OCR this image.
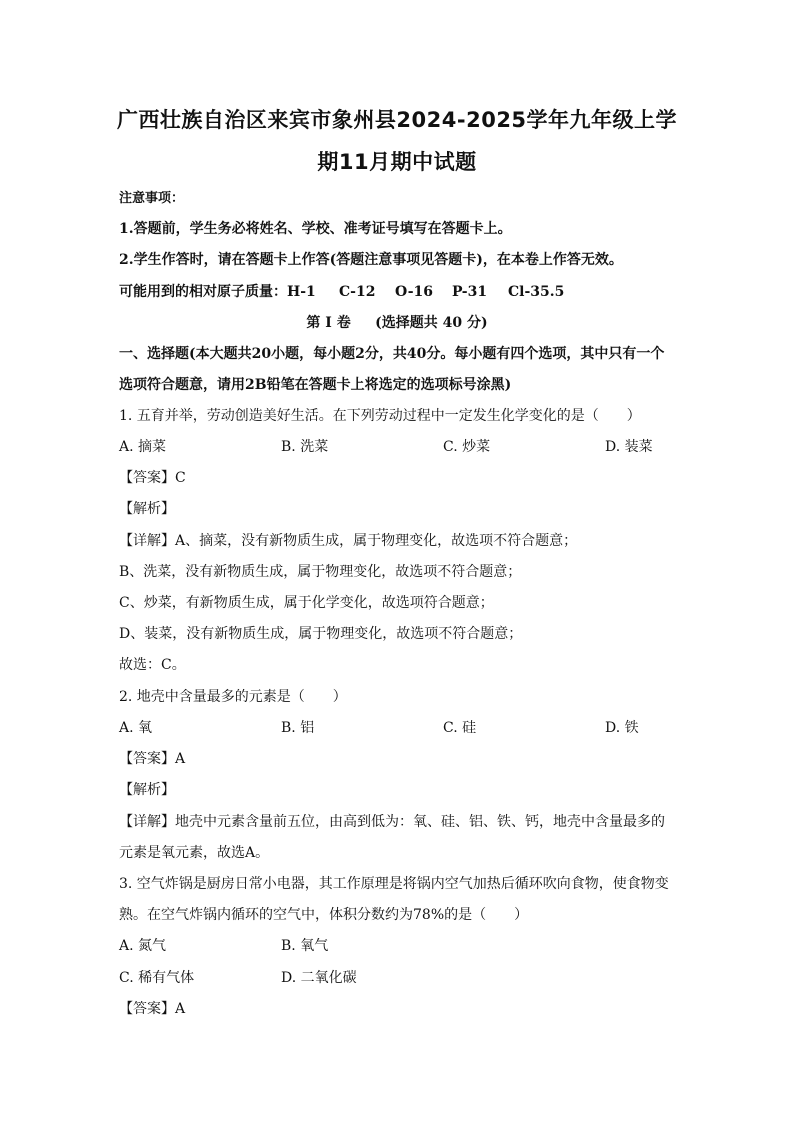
广西壮族自治区来宾市象州县2024-2025学年九年级上学
期11月期中试题
注意事项：
1.答题前，学生务必将姓名、学校、准考证号填写在答题卡上。
2.学生作答时，请在答题卡上作答(答题注意事项见答题卡)，在本卷上作答无效。
可能用到的相对原子质量：H-1 C-12 O-16 P-31 Cl-35.5
第 I 卷     (选择题共 40 分)
一、选择题(本大题共20小题，每小题2分，共40分。每小题有四个选项，其中只有一个
选项符合题意，请用2B铅笔在答题卡上将选定的选项标号涂黑)
1. 五育并举，劳动创造美好生活。在下列劳动过程中一定发生化学变化的是（　　）
A. 摘菜	B. 洗菜	C. 炒菜	D. 装菜
【答案】C
【解析】
【详解】A、摘菜，没有新物质生成，属于物理变化，故选项不符合题意；
B、洗菜，没有新物质生成，属于物理变化，故选项不符合题意；
C、炒菜，有新物质生成，属于化学变化，故选项符合题意；
D、装菜，没有新物质生成，属于物理变化，故选项不符合题意；
故选：C。
2. 地壳中含量最多的元素是（　　）
A. 氧	B. 铝	C. 硅	D. 铁
【答案】A
【解析】
【详解】地壳中元素含量前五位，由高到低为：氧、硅、铝、铁、钙，地壳中含量最多的
元素是氧元素，故选A。
3. 空气炸锅是厨房日常小电器，其工作原理是将锅内空气加热后循环吹向食物，使食物变
熟。在空气炸锅内循环的空气中，体积分数约为78%的是（　　）
A. 氮气	B. 氧气
C. 稀有气体	D. 二氧化碳
【答案】A
